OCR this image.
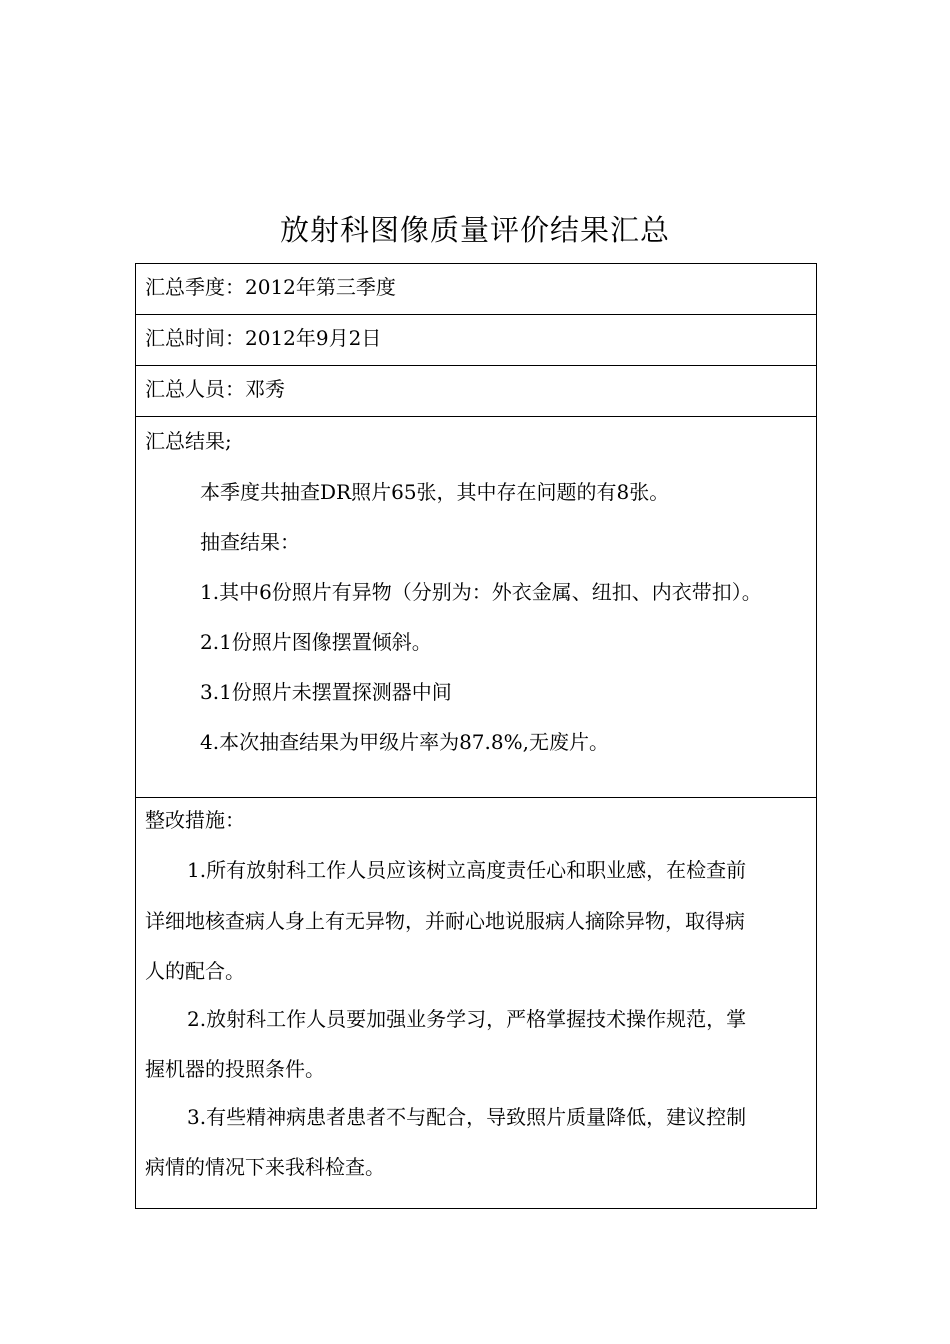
放射科图像质量评价结果汇总
汇总季度：2012年第三季度
汇总时间：2012年9月2日
汇总人员：邓秀
汇总结果;
本季度共抽查DR照片65张，其中存在问题的有8张。
抽查结果：
1.其中6份照片有异物（分别为：外衣金属、纽扣、内衣带扣）。
2.1份照片图像摆置倾斜。
3.1份照片未摆置探测器中间
4.本次抽查结果为甲级片率为87.8%,无废片。
整改措施：
1.所有放射科工作人员应该树立高度责任心和职业感，在检查前
详细地核查病人身上有无异物，并耐心地说服病人摘除异物，取得病
人的配合。
2.放射科工作人员要加强业务学习，严格掌握技术操作规范，掌
握机器的投照条件。
3.有些精神病患者患者不与配合，导致照片质量降低，建议控制
病情的情况下来我科检查。
